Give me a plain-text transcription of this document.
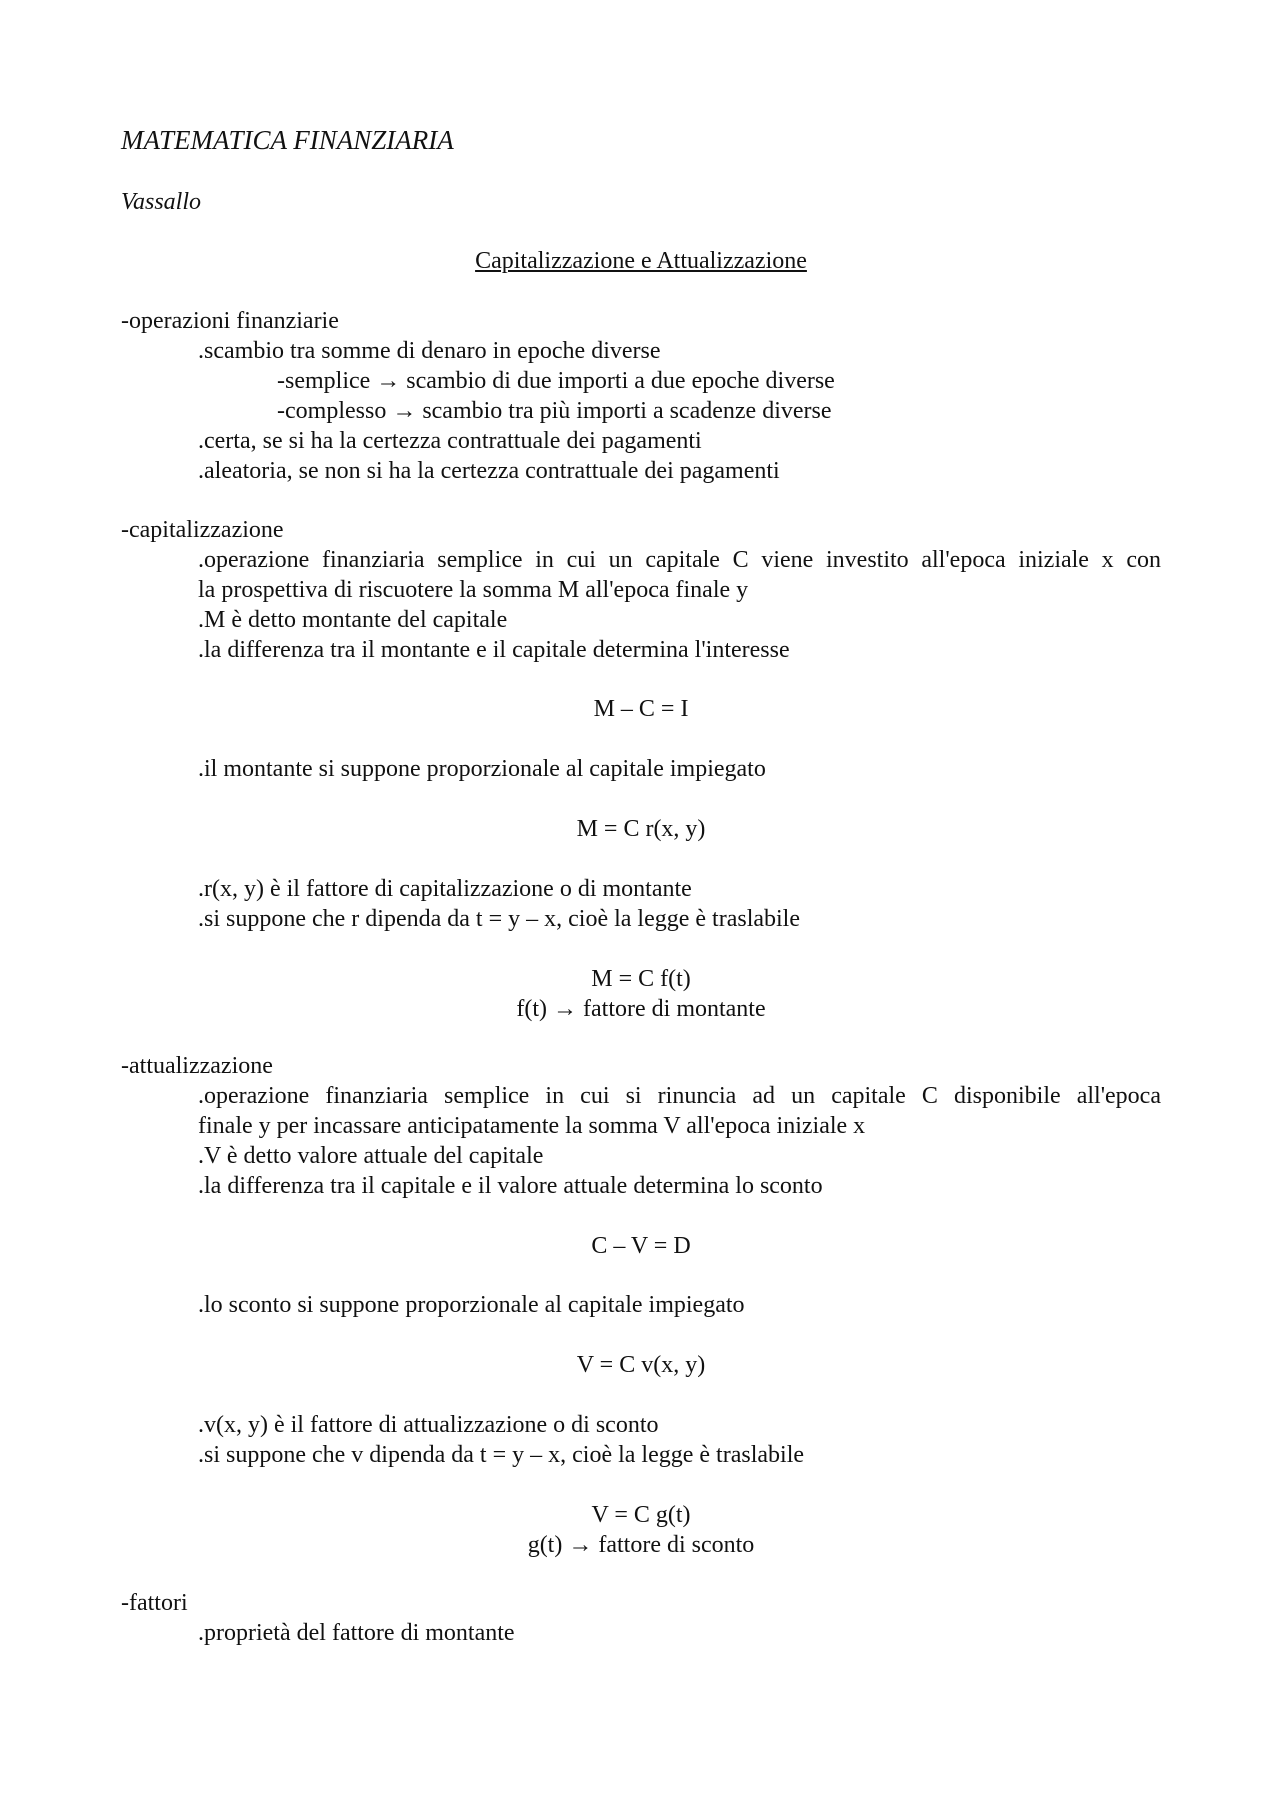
MATEMATICA FINANZIARIA
Vassallo
Capitalizzazione e Attualizzazione
-operazioni finanziarie
.scambio tra somme di denaro in epoche diverse
-semplice → scambio di due importi a due epoche diverse
-complesso → scambio tra più importi a scadenze diverse
.certa, se si ha la certezza contrattuale dei pagamenti
.aleatoria, se non si ha la certezza contrattuale dei pagamenti
-capitalizzazione
.operazione finanziaria semplice in cui un capitale C viene investito all'epoca iniziale x con
la prospettiva di riscuotere la somma M all'epoca finale y
.M è detto montante del capitale
.la differenza tra il montante e il capitale determina l'interesse
M – C = I
.il montante si suppone proporzionale al capitale impiegato
M = C r(x, y)
.r(x, y) è il fattore di capitalizzazione o di montante
.si suppone che r dipenda da t = y – x, cioè la legge è traslabile
M = C f(t)
f(t) → fattore di montante
-attualizzazione
.operazione finanziaria semplice in cui si rinuncia ad un capitale C disponibile all'epoca
finale y per incassare anticipatamente la somma V all'epoca iniziale x
.V è detto valore attuale del capitale
.la differenza tra il capitale e il valore attuale determina lo sconto
C – V = D
.lo sconto si suppone proporzionale al capitale impiegato
V = C v(x, y)
.v(x, y) è il fattore di attualizzazione o di sconto
.si suppone che v dipenda da t = y – x, cioè la legge è traslabile
V = C g(t)
g(t) → fattore di sconto
-fattori
.proprietà del fattore di montante
